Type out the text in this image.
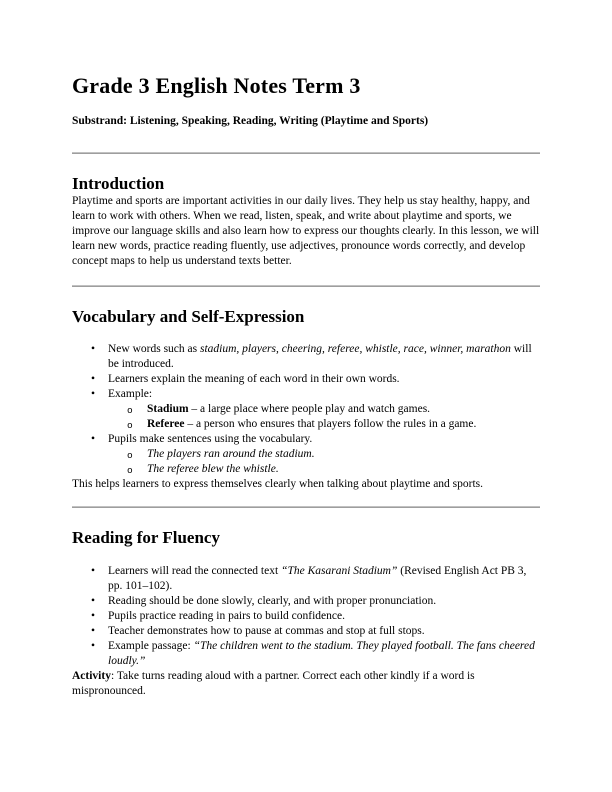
Grade 3 English Notes Term 3

Substrand: Listening, Speaking, Reading, Writing (Playtime and Sports)

Introduction

Playtime and sports are important activities in our daily lives. They help us stay healthy, happy, and learn to work with others. When we read, listen, speak, and write about playtime and sports, we improve our language skills and also learn how to express our thoughts clearly. In this lesson, we will learn new words, practice reading fluently, use adjectives, pronounce words correctly, and develop concept maps to help us understand texts better.

Vocabulary and Self-Expression
• New words such as stadium, players, cheering, referee, whistle, race, winner, marathon will be introduced.
• Learners explain the meaning of each word in their own words.
• Example:
o Stadium – a large place where people play and watch games.
o Referee – a person who ensures that players follow the rules in a game.
• Pupils make sentences using the vocabulary.
o The players ran around the stadium.
o The referee blew the whistle.

This helps learners to express themselves clearly when talking about playtime and sports.

Reading for Fluency
• Learners will read the connected text “The Kasarani Stadium” (Revised English Act PB 3, pp. 101–102).
• Reading should be done slowly, clearly, and with proper pronunciation.
• Pupils practice reading in pairs to build confidence.
• Teacher demonstrates how to pause at commas and stop at full stops.
• Example passage: “The children went to the stadium. They played football. The fans cheered loudly.”

Activity: Take turns reading aloud with a partner. Correct each other kindly if a word is mispronounced.
